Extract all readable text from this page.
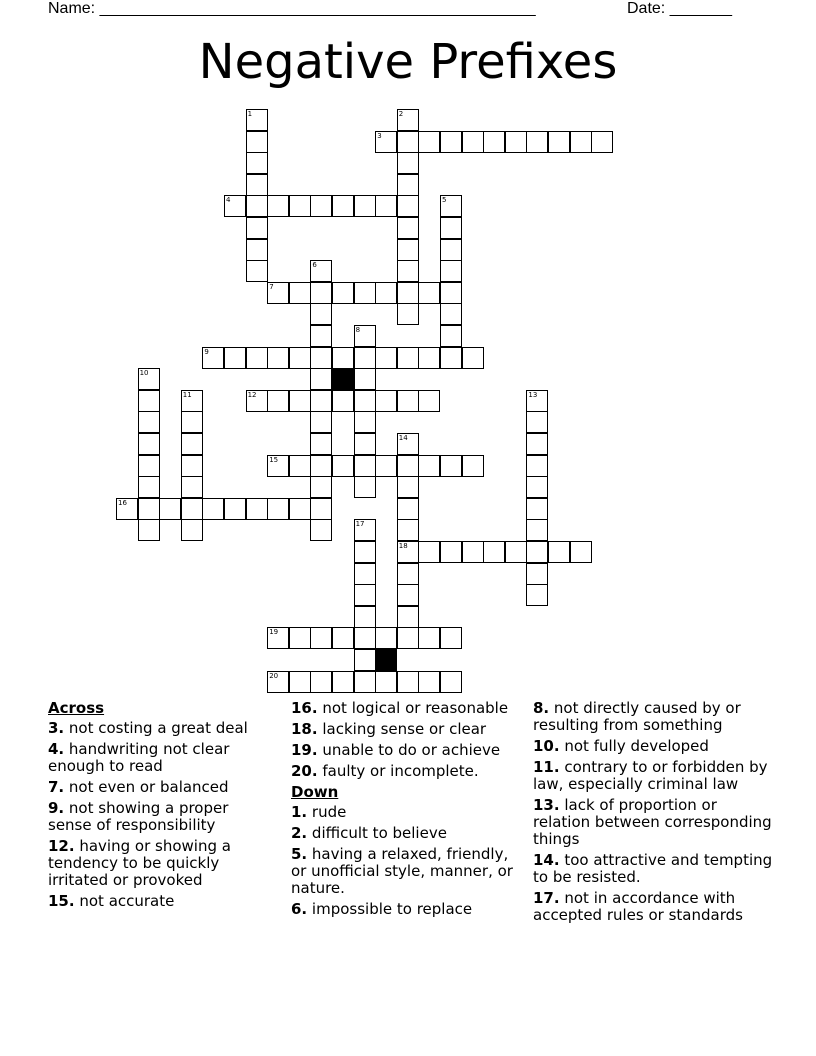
Name: _________________________________________________	Date: _______
Negative Prefixes
1	2
3
4	5
6
7
8
9
10
11	12	13
14
18
15
16
17
19
20
Across
3. not costing a great deal
4. handwriting not clear enough to read
7. not even or balanced
9. not showing a proper sense of responsibility
12. having or showing a tendency to be quickly irritated or provoked
15. not accurate
16. not logical or reasonable
18. lacking sense or clear
19. unable to do or achieve
20. faulty or incomplete.
Down
1. rude
2. difficult to believe
5. having a relaxed, friendly, or unofficial style, manner, or nature.
6. impossible to replace
8. not directly caused by or resulting from something
10. not fully developed
11. contrary to or forbidden by law, especially criminal law
13. lack of proportion or relation between corresponding things
14. too attractive and tempting to be resisted.
17. not in accordance with accepted rules or standards
